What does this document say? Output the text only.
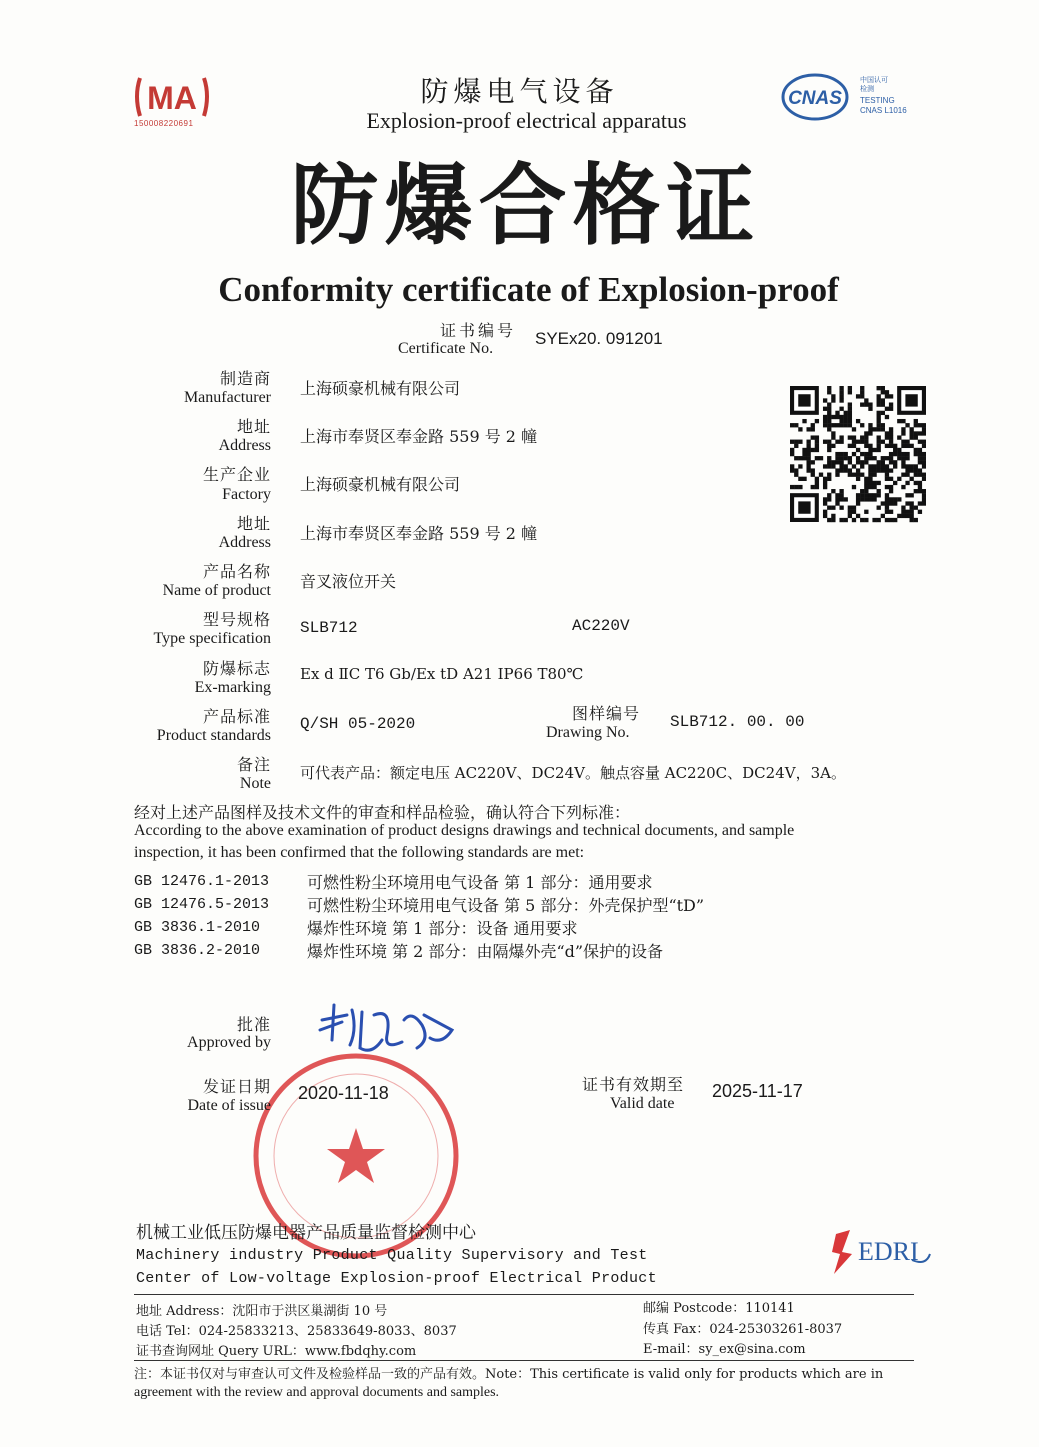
MA
150008220691
防爆电气设备
Explosion-proof electrical apparatus
CNAS
中国认可
检测
TESTING
CNAS L1016
防爆合格证
Conformity certificate of Explosion-proof
证书编号
Certificate No.
SYEx20. 091201
制造商
Manufacturer 上海硕豪机械有限公司
地址
Address 上海市奉贤区奉金路 559 号 2 幢
生产企业
Factory
上海硕豪机械有限公司
地址
Address 上海市奉贤区奉金路 559 号 2 幢
产品名称
Name of product 音叉液位开关
型号规格
Type specification
SLB712	AC220V
防爆标志
Ex-marking
Ex d ⅡC T6 Gb/Ex tD A21 IP66 T80℃
产品标准
Product standards
Q/SH 05-2020
图样编号
Drawing No.
SLB712. 00. 00
备注
Note
可代表产品：额定电压 AC220V、DC24V。触点容量 AC220C、DC24V，3A。
经对上述产品图样及技术文件的审查和样品检验，确认符合下列标准：
According to the above examination of product designs drawings and technical documents, and sample
inspection, it has been confirmed that the following standards are met:
GB 12476.1-2013 可燃性粉尘环境用电气设备 第 1 部分：通用要求
GB 12476.5-2013 可燃性粉尘环境用电气设备 第 5 部分：外壳保护型“tD”
GB 3836.1-2010	爆炸性环境 第 1 部分：设备 通用要求
GB 3836.2-2010	爆炸性环境 第 2 部分：由隔爆外壳“d”保护的设备
批准
Approved by
发证日期
Date of issue
2020-11-18	证书有效期至
Valid date
2025-11-17
机械工业低压防爆电器产品质量监督检测中心
Machinery industry Product Quality Supervisory and Test
Center of Low-voltage Explosion-proof Electrical Product
EDRI
地址 Address：沈阳市于洪区巢湖街 10 号	邮编 Postcode：110141
电话 Tel：024-25833213、25833649-8033、8037	传真 Fax：024-25303261-8037
证书查询网址 Query URL：www.fbdqhy.com	E-mail：sy_ex@sina.com
注：本证书仅对与审查认可文件及检验样品一致的产品有效。Note：This certificate is valid only for products which are in
agreement with the review and approval documents and samples.
